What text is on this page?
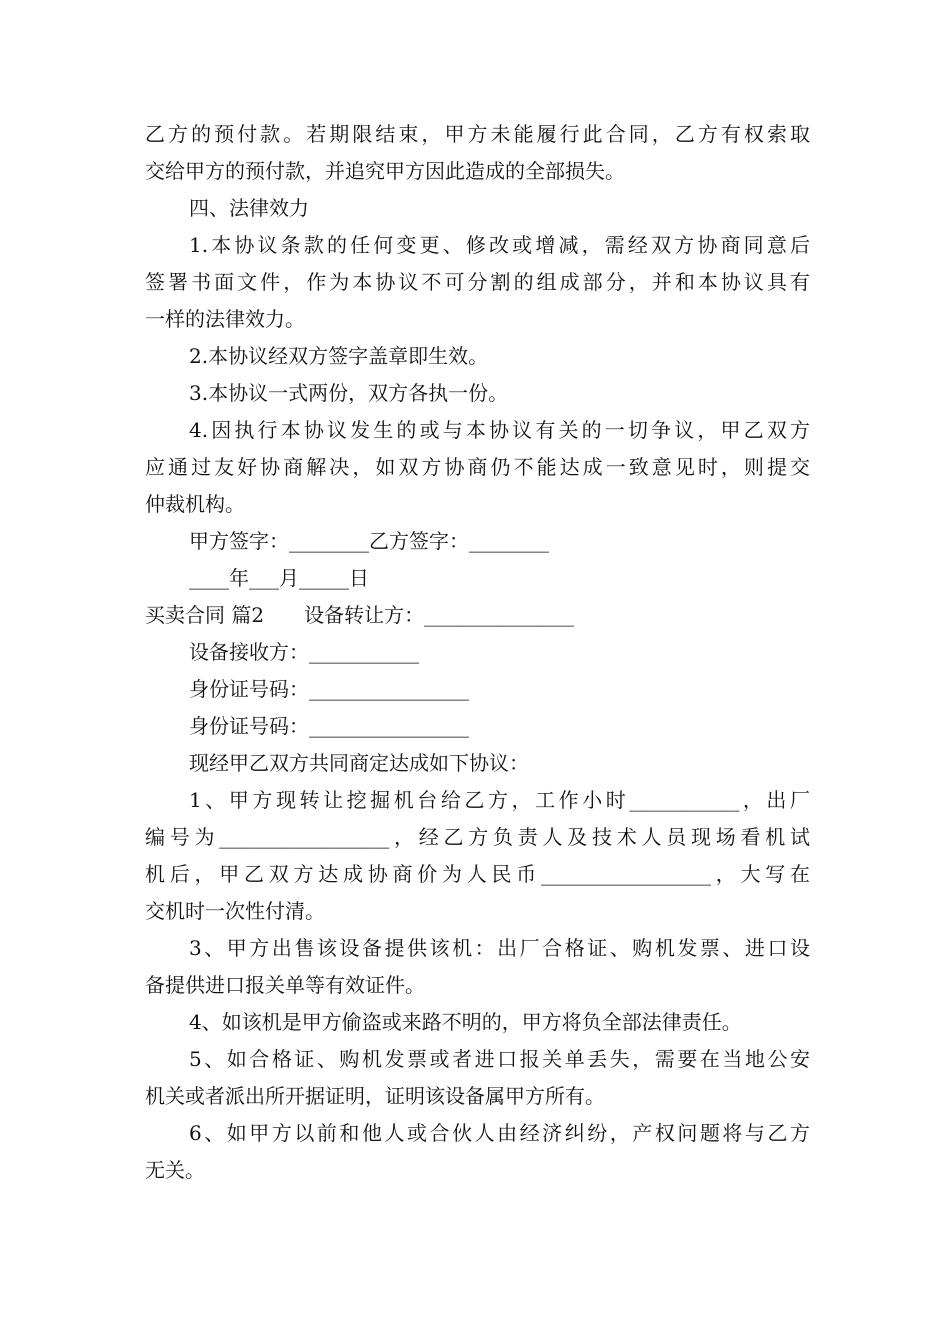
乙方的预付款。若期限结束，甲方未能履行此合同，乙方有权索取
交给甲方的预付款，并追究甲方因此造成的全部损失。
四、法律效力
1.本协议条款的任何变更、修改或增减，需经双方协商同意后
签署书面文件，作为本协议不可分割的组成部分，并和本协议具有
一样的法律效力。
2.本协议经双方签字盖章即生效。
3.本协议一式两份，双方各执一份。
4.因执行本协议发生的或与本协议有关的一切争议，甲乙双方
应通过友好协商解决，如双方协商仍不能达成一致意见时，则提交
仲裁机构。
甲方签字：________乙方签字：________
____年___月_____日
买卖合同 篇2　　设备转让方：_______________
设备接收方：___________
身份证号码：________________
身份证号码：________________
现经甲乙双方共同商定达成如下协议：
1、甲方现转让挖掘机台给乙方，工作小时___________，出厂
编号为_________________，经乙方负责人及技术人员现场看机试
机后，甲乙双方达成协商价为人民币_________________，大写在
交机时一次性付清。
3、甲方出售该设备提供该机：出厂合格证、购机发票、进口设
备提供进口报关单等有效证件。
4、如该机是甲方偷盗或来路不明的，甲方将负全部法律责任。
5、如合格证、购机发票或者进口报关单丢失，需要在当地公安
机关或者派出所开据证明，证明该设备属甲方所有。
6、如甲方以前和他人或合伙人由经济纠纷，产权问题将与乙方
无关。
